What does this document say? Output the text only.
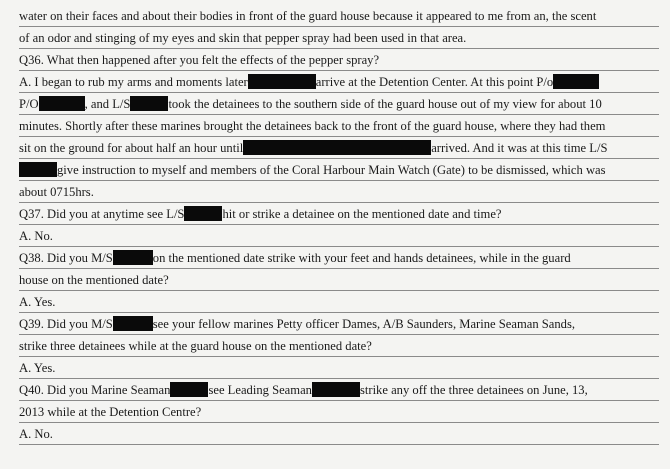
water on their faces and about their bodies in front of the guard house because it appeared to me from an, the scent
of an odor and stinging of my eyes and skin that pepper spray had been used in that area.
Q36. What then happened after you felt the effects of the pepper spray?
A. I began to rub my arms and moments later	arrive at the Detention Center. At this point P/o
P/O	, and L/S	took the detainees to the southern side of the guard house out of my view for about 10
minutes. Shortly after these marines brought the detainees back to the front of the guard house, where they had them
sit on the ground for about half an hour until	arrived. And it was at this time L/S
give instruction to myself and members of the Coral Harbour Main Watch (Gate) to be dismissed, which was
about 0715hrs.
Q37. Did you at anytime see L/S	hit or strike a detainee on the mentioned date and time?
A. No.
Q38. Did you M/S	on the mentioned date strike with your feet and hands detainees, while in the guard
house on the mentioned date?
A. Yes.
Q39. Did you M/S	see your fellow marines Petty officer Dames, A/B Saunders, Marine Seaman Sands,
strike three detainees while at the guard house on the mentioned date?
A. Yes.
Q40. Did you Marine Seaman	see Leading Seaman	strike any off the three detainees on June, 13,
2013 while at the Detention Centre?
A. No.
